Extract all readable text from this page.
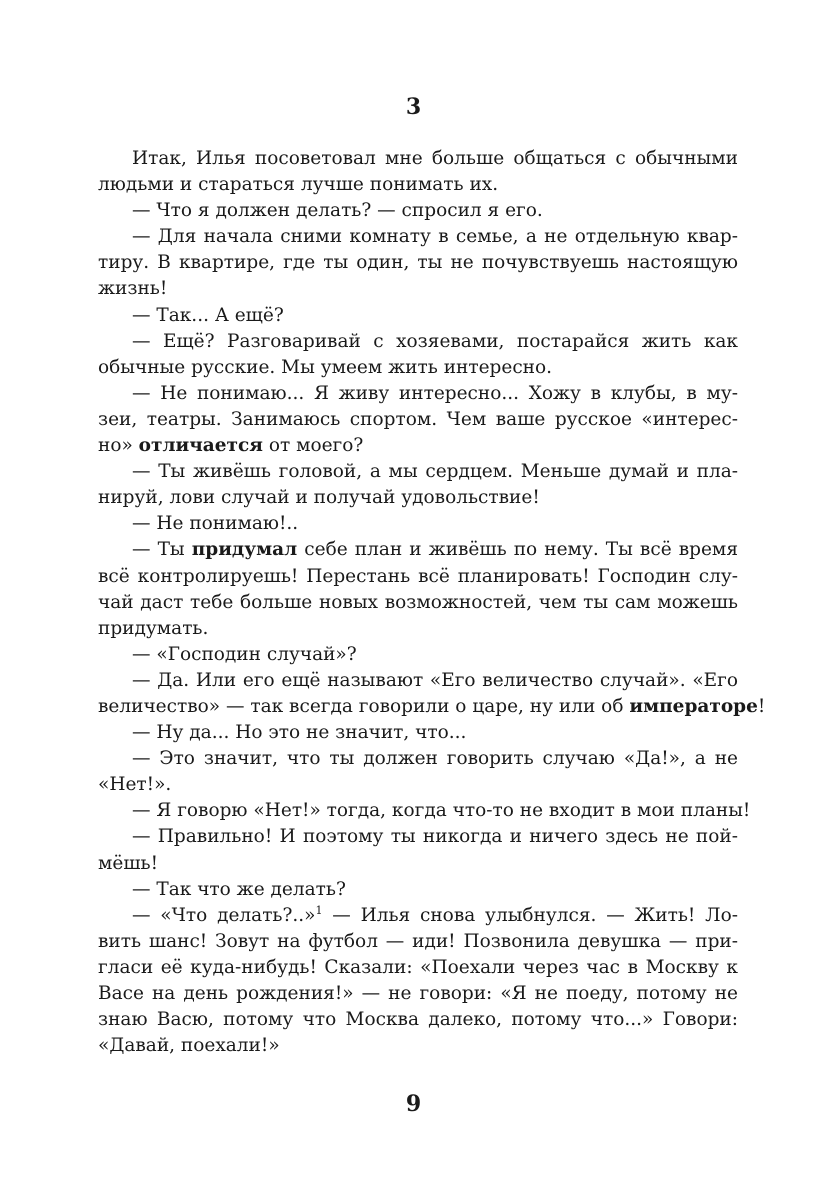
3
Итак, Илья посоветовал мне больше общаться с обычными
людьми и стараться лучше понимать их.
— Что я должен делать? — спросил я его.
— Для начала сними комнату в семье, а не отдельную квар-
тиру. В квартире, где ты один, ты не почувствуешь настоящую
жизнь!
— Так... А ещё?
— Ещё? Разговаривай с хозяевами, постарайся жить как
обычные русские. Мы умеем жить интересно.
— Не понимаю... Я живу интересно... Хожу в клубы, в му-
зеи, театры. Занимаюсь спортом. Чем ваше русское «интерес-
но» отличается от моего?
— Ты живёшь головой, а мы сердцем. Меньше думай и пла-
нируй, лови случай и получай удовольствие!
— Не понимаю!..
— Ты придумал себе план и живёшь по нему. Ты всё время
всё контролируешь! Перестань всё планировать! Господин слу-
чай даст тебе больше новых возможностей, чем ты сам можешь
придумать.
— «Господин случай»?
— Да. Или его ещё называют «Его величество случай». «Его
величество» — так всегда говорили о царе, ну или об императоре!
— Ну да... Но это не значит, что...
— Это значит, что ты должен говорить случаю «Да!», а не
«Нет!».
— Я говорю «Нет!» тогда, когда что-то не входит в мои планы!
— Правильно! И поэтому ты никогда и ничего здесь не пой-
мёшь!
— Так что же делать?
— «Что делать?..»$^1$ — Илья снова улыбнулся. — Жить! Ло-
вить шанс! Зовут на футбол — иди! Позвонила девушка — при-
гласи её куда-нибудь! Сказали: «Поехали через час в Москву к
Васе на день рождения!» — не говори: «Я не поеду, потому не
знаю Васю, потому что Москва далеко, потому что...» Говори:
«Давай, поехали!»
9
